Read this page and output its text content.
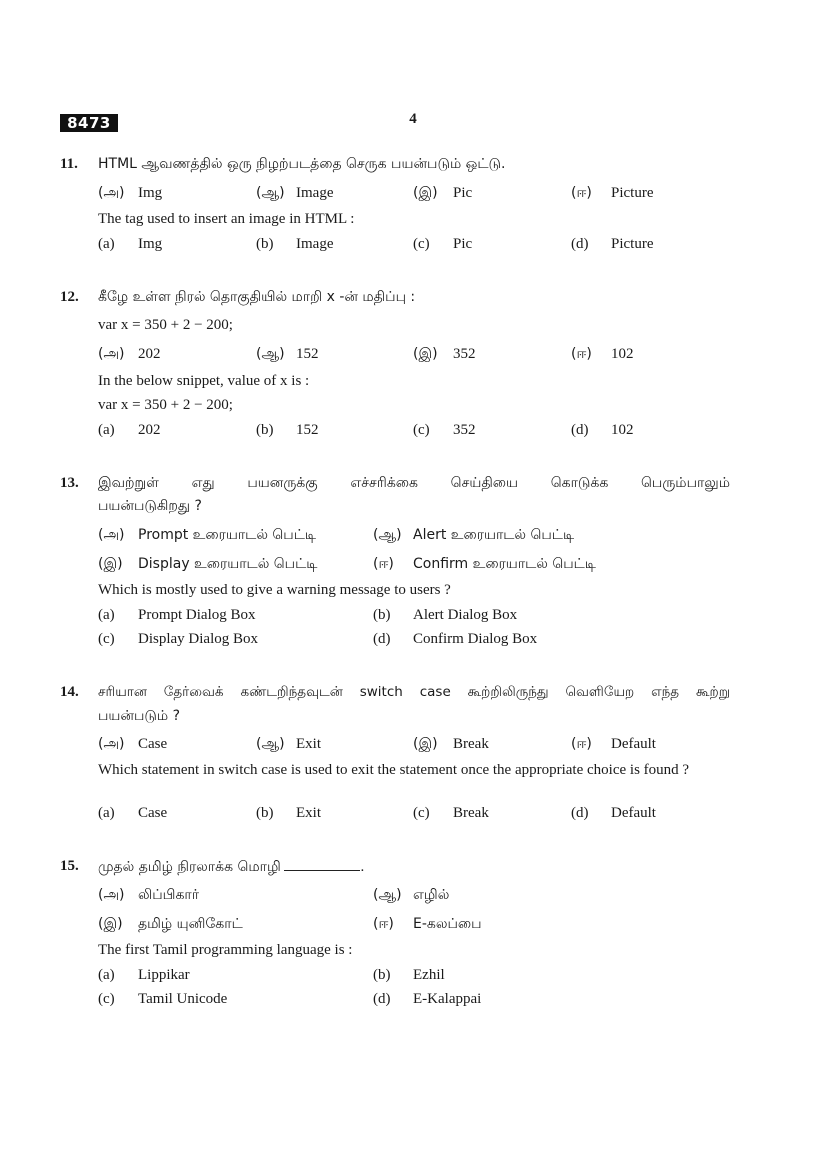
8473	4
11. HTML ஆவணத்தில் ஒரு நிழற்படத்தை செருக பயன்படும் ஒட்டு.
(அ) Img	(ஆ) Image	(இ) Pic	(ஈ) Picture
The tag used to insert an image in HTML :
(a) Img	(b) Image	(c) Pic	(d) Picture
12. கீழே உள்ள நிரல் தொகுதியில் மாறி x -ன் மதிப்பு :
var x = 350 + 2 − 200;
(அ) 202	(ஆ) 152	(இ) 352	(ஈ) 102
In the below snippet, value of x is :
var x = 350 + 2 − 200;
(a) 202	(b) 152	(c) 352	(d) 102
13. இவற்றுள் எது பயனருக்கு எச்சரிக்கை செய்தியை கொடுக்க பெரும்பாலும்
பயன்படுகிறது ?
(அ) Prompt உரையாடல் பெட்டி	(ஆ) Alert உரையாடல் பெட்டி
(இ) Display உரையாடல் பெட்டி	(ஈ) Confirm உரையாடல் பெட்டி
Which is mostly used to give a warning message to users ?
(a) Prompt Dialog Box	(b) Alert Dialog Box
(c) Display Dialog Box	(d) Confirm Dialog Box
14. சரியான தேர்வைக் கண்டறிந்தவுடன் switch case கூற்றிலிருந்து வெளியேற எந்த கூற்று
பயன்படும் ?
(அ) Case	(ஆ) Exit	(இ) Break	(ஈ) Default
Which statement in switch case is used to exit the statement once the appropriate choice is found ?
(a) Case	(b) Exit	(c) Break	(d) Default
15. முதல் தமிழ் நிரலாக்க மொழி	.
(அ) லிப்பிகார்	(ஆ) எழில்
(இ) தமிழ் யுனிகோட்	(ஈ) E-கலப்பை
The first Tamil programming language is :
(a) Lippikar	(b) Ezhil
(c) Tamil Unicode	(d) E-Kalappai
